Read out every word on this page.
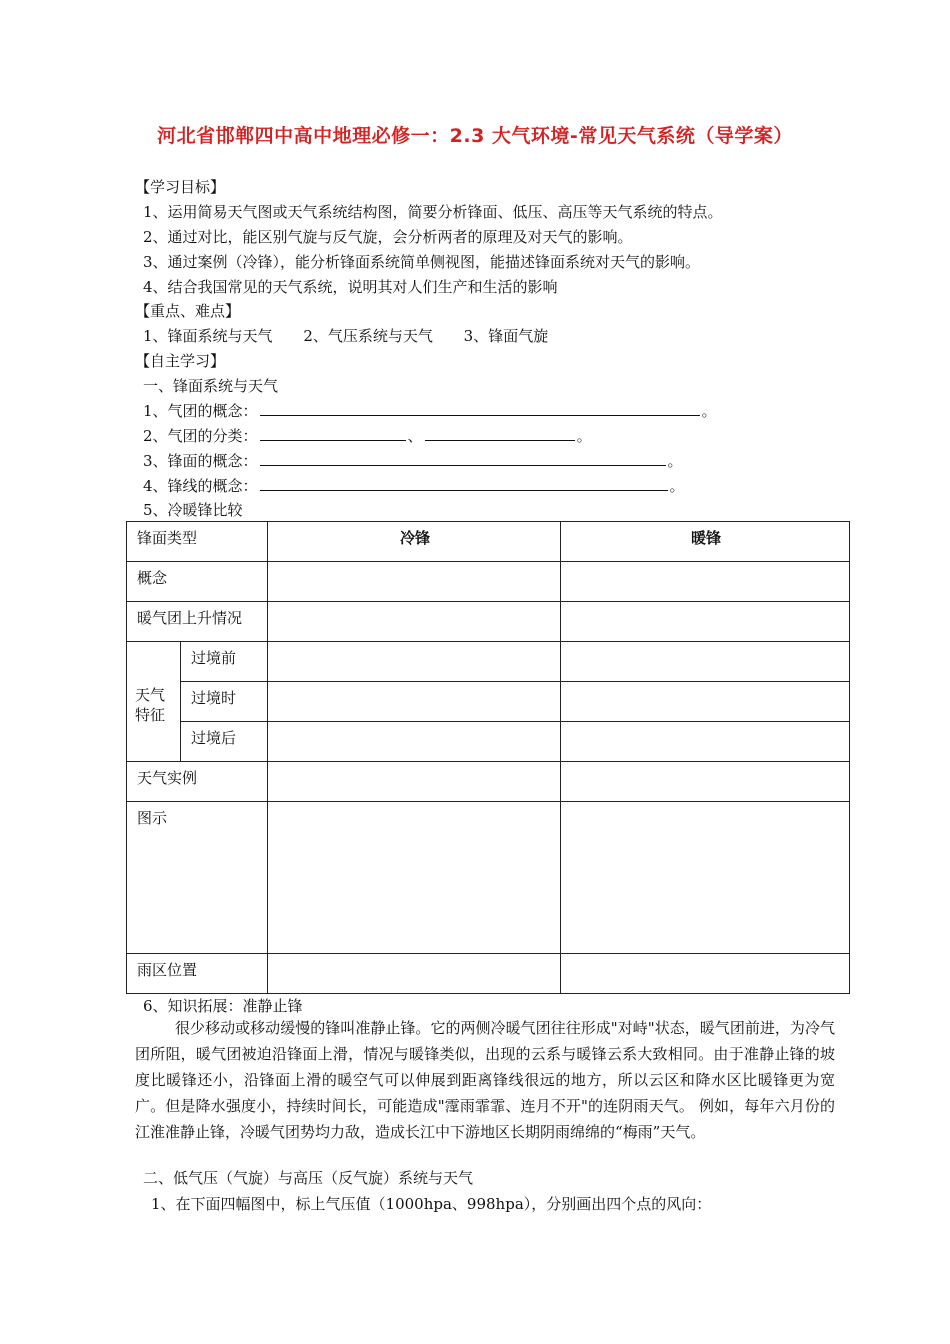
河北省邯郸四中高中地理必修一：2.3 大气环境-常见天气系统（导学案）
【学习目标】
1、运用简易天气图或天气系统结构图，简要分析锋面、低压、高压等天气系统的特点。
2、通过对比，能区别气旋与反气旋，会分析两者的原理及对天气的影响。
3、通过案例（冷锋），能分析锋面系统简单侧视图，能描述锋面系统对天气的影响。
4、结合我国常见的天气系统，说明其对人们生产和生活的影响
【重点、难点】
1、锋面系统与天气 2、气压系统与天气 3、锋面气旋
【自主学习】
一、锋面系统与天气
1、气团的概念：	。
2、气团的分类：	、	。
3、锋面的概念：	。
4、锋线的概念：	。
5、冷暖锋比较
锋面类型		冷锋	暖锋
概念			
暖气团上升情况			
天气特征	过境前		
	过境时		
	过境后		
天气实例			
图示			
雨区位置			
6、知识拓展：准静止锋
很少移动或移动缓慢的锋叫准静止锋。它的两侧冷暖气团往往形成"对峙"状态，暖气团前进，为冷气团所阻，暖气团被迫沿锋面上滑，情况与暖锋类似，出现的云系与暖锋云系大致相同。由于准静止锋的坡度比暖锋还小，沿锋面上滑的暖空气可以伸展到距离锋线很远的地方，所以云区和降水区比暖锋更为宽广。但是降水强度小，持续时间长，可能造成"霪雨霏霏、连月不开"的连阴雨天气。 例如，每年六月份的江淮准静止锋，冷暖气团势均力敌，造成长江中下游地区长期阴雨绵绵的“梅雨”天气。
二、低气压（气旋）与高压（反气旋）系统与天气
1、在下面四幅图中，标上气压值（1000hpa、998hpa），分别画出四个点的风向：
